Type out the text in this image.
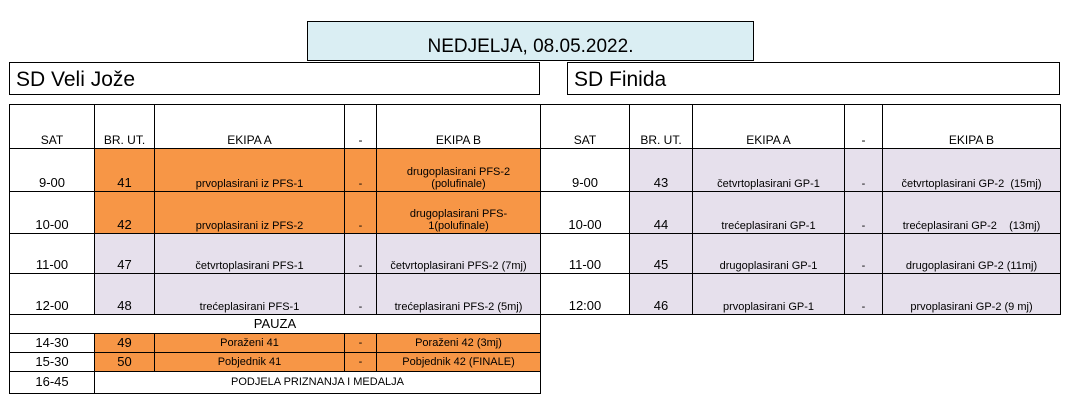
NEDJELJA, 08.05.2022.
SD Veli Jože	SD Finida
SAT	BR. UT.	EKIPA A	-	EKIPA B
9-00	41	prvoplasirani iz PFS-1	-	drugoplasirani PFS-2 (polufinale)
10-00	42	prvoplasirani iz PFS-2	-	drugoplasirani PFS-1(polufinale)
11-00	47	četvrtoplasirani PFS-1	-	četvrtoplasirani PFS-2 (7mj)
12-00	48	trećeplasirani PFS-1	-	trećeplasirani PFS-2 (5mj)
PAUZA				
14-30	49	Poraženi 41	-	Poraženi 42 (3mj)
15-30	50	Pobjednik 41	-	Pobjednik 42 (FINALE)
16-45	PODJELA PRIZNANJA I MEDALJA			
SAT	BR. UT.	EKIPA A	-	EKIPA B
9-00	43	četvrtoplasirani GP-1	-	četvrtoplasirani GP-2  (15mj)
10-00	44	trećeplasirani GP-1	-	trećeplasirani GP-2    (13mj)
11-00	45	drugoplasirani GP-1	-	drugoplasirani GP-2 (11mj)
12:00	46	prvoplasirani GP-1	-	prvoplasirani GP-2 (9 mj)
